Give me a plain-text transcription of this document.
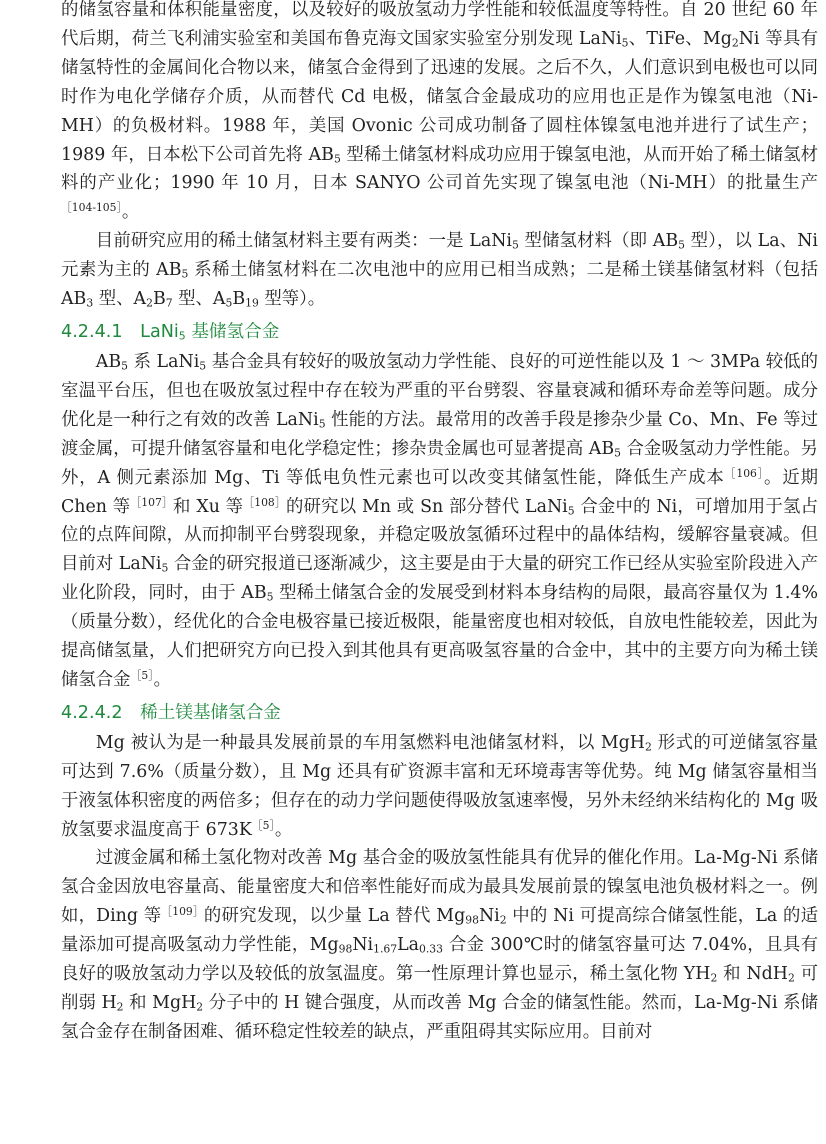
的储氢容量和体积能量密度，以及较好的吸放氢动力学性能和较低温度等特性。自 20 世纪 60 年代后期，荷兰飞利浦实验室和美国布鲁克海文国家实验室分别发现 LaNi$_5$、TiFe、$Mg_2Ni$ 等具有储氢特性的金属间化合物以来，储氢合金得到了迅速的发展。之后不久，人们意识到电极也可以同时作为电化学储存介质，从而替代 Cd 电极，储氢合金最成功的应用也正是作为镍氢电池（Ni-MH）的负极材料。1988 年，美国 Ovonic 公司成功制备了圆柱体镍氢电池并进行了试生产；1989 年，日本松下公司首先将 $AB_5$ 型稀土储氢材料成功应用于镍氢电池，从而开始了稀土储氢材料的产业化；1990 年 10 月，日本 SANYO 公司首先实现了镍氢电池（Ni-MH）的批量生产$^{[104-105]}$。

目前研究应用的稀土储氢材料主要有两类：一是 LaNi$_5$ 型储氢材料（即 $AB_5$ 型），以 La、Ni 元素为主的 $AB_5$ 系稀土储氢材料在二次电池中的应用已相当成熟；二是稀土镁基储氢材料（包括 $AB_3$ 型、$A_2B_7$ 型、$A_5B_{19}$ 型等）。

4.2.4.1　LaNi$_5$ 基储氢合金

$AB_5$ 系 LaNi$_5$ 基合金具有较好的吸放氢动力学性能、良好的可逆性能以及 1 ～ 3MPa 较低的室温平台压，但也在吸放氢过程中存在较为严重的平台劈裂、容量衰减和循环寿命差等问题。成分优化是一种行之有效的改善 LaNi$_5$ 性能的方法。最常用的改善手段是掺杂少量 Co、Mn、Fe 等过渡金属，可提升储氢容量和电化学稳定性；掺杂贵金属也可显著提高 $AB_5$ 合金吸氢动力学性能。另外，A 侧元素添加 Mg、Ti 等低电负性元素也可以改变其储氢性能，降低生产成本$^{[106]}$。近期 Chen 等$^{[107]}$和 Xu 等$^{[108]}$的研究以 Mn 或 Sn 部分替代 LaNi$_5$ 合金中的 Ni，可增加用于氢占位的点阵间隙，从而抑制平台劈裂现象，并稳定吸放氢循环过程中的晶体结构，缓解容量衰减。但目前对 LaNi$_5$ 合金的研究报道已逐渐减少，这主要是由于大量的研究工作已经从实验室阶段进入产业化阶段，同时，由于 $AB_5$ 型稀土储氢合金的发展受到材料本身结构的局限，最高容量仅为 1.4%（质量分数），经优化的合金电极容量已接近极限，能量密度也相对较低，自放电性能较差，因此为提高储氢量，人们把研究方向已投入到其他具有更高吸氢容量的合金中，其中的主要方向为稀土镁储氢合金$^{[5]}$。

4.2.4.2　稀土镁基储氢合金

Mg 被认为是一种最具发展前景的车用氢燃料电池储氢材料，以 MgH$_2$ 形式的可逆储氢容量可达到 7.6%（质量分数），且 Mg 还具有矿资源丰富和无环境毒害等优势。纯 Mg 储氢容量相当于液氢体积密度的两倍多；但存在的动力学问题使得吸放氢速率慢，另外未经纳米结构化的 Mg 吸放氢要求温度高于 $673K^{[5]}$。

过渡金属和稀土氢化物对改善 Mg 基合金的吸放氢性能具有优异的催化作用。La-Mg-Ni 系储氢合金因放电容量高、能量密度大和倍率性能好而成为最具发展前景的镍氢电池负极材料之一。例如，Ding 等$^{[109]}$的研究发现，以少量 La 替代 $Mg_{98}Ni_2$ 中的 Ni 可提高综合储氢性能，La 的适量添加可提高吸氢动力学性能，$Mg_{98}Ni_{1.67}La_{0.33}$ 合金 300℃时的储氢容量可达 7.04%，且具有良好的吸放氢动力学以及较低的放氢温度。第一性原理计算也显示，稀土氢化物 $YH_2$ 和 NdH$_2$ 可削弱 $H_2$ 和 MgH$_2$ 分子中的 H 键合强度，从而改善 Mg 合金的储氢性能。然而，La-Mg-Ni 系储氢合金存在制备困难、循环稳定性较差的缺点，严重阻碍其实际应用。目前对
